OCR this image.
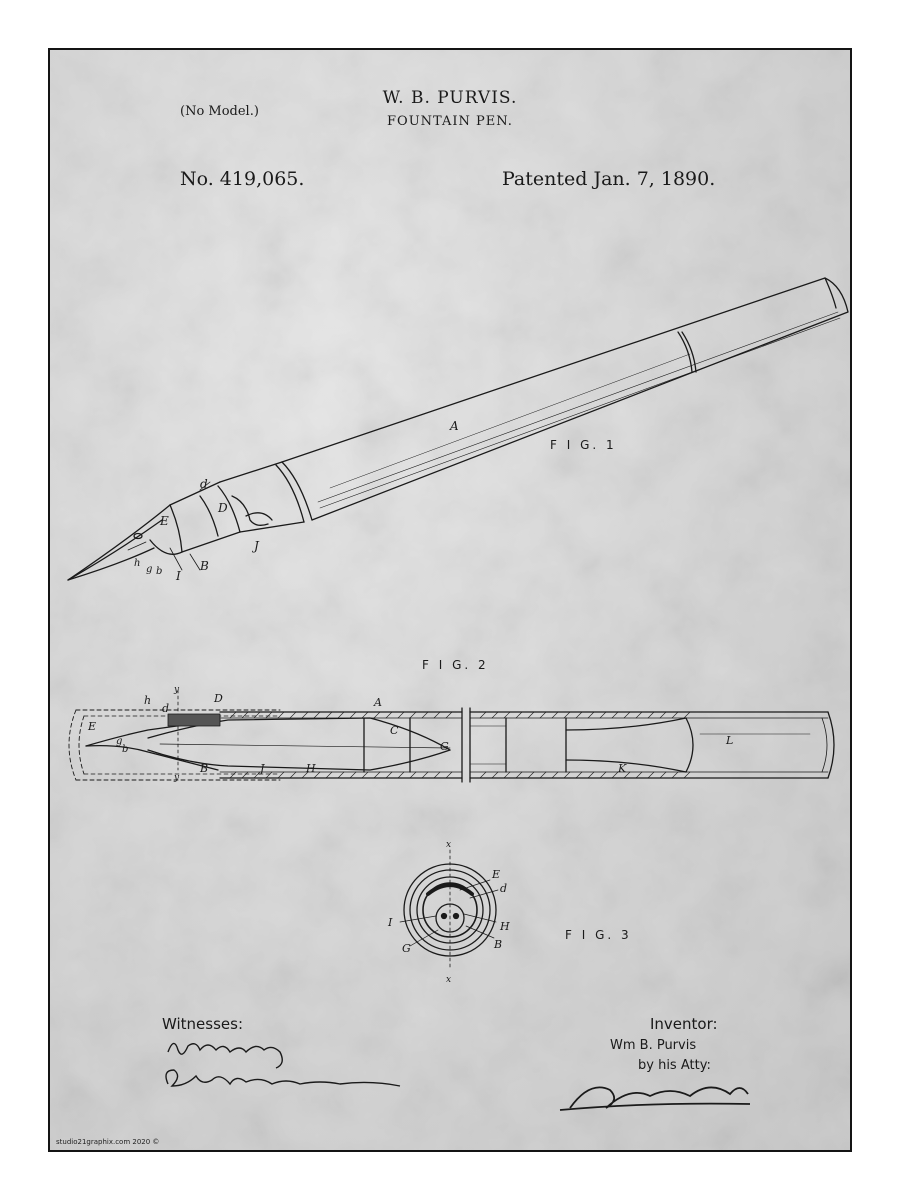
(No Model.)
W. B. PURVIS.
FOUNTAIN PEN.
No. 419,065.	Patented Jan. 7, 1890.
A
E
d
D
J
B
I
h
b
g
h
y
y
D
d	A
E
g
b
B	J	H
C
G
K
L
x
x
E
d
I	H
G	B
F I G. 1
F I G. 2
F I G. 3
Witnesses:	Inventor:
Wm B. Purvis
by his Atty:
studio21graphix.com 2020 ©
